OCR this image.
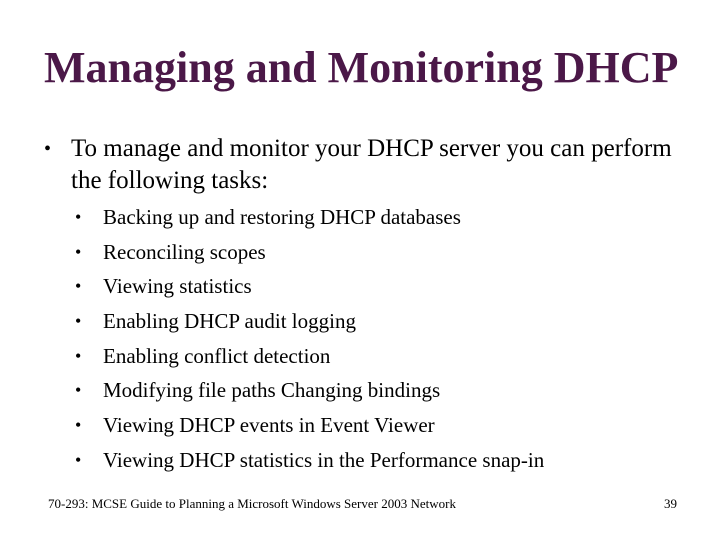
Managing and Monitoring DHCP
• To manage and monitor your DHCP server you can perform the following tasks:
• Backing up and restoring DHCP databases
• Reconciling scopes
• Viewing statistics
• Enabling DHCP audit logging
• Enabling conflict detection
• Modifying file paths Changing bindings
• Viewing DHCP events in Event Viewer
• Viewing DHCP statistics in the Performance snap-in
70-293: MCSE Guide to Planning a Microsoft Windows Server 2003 Network	39
